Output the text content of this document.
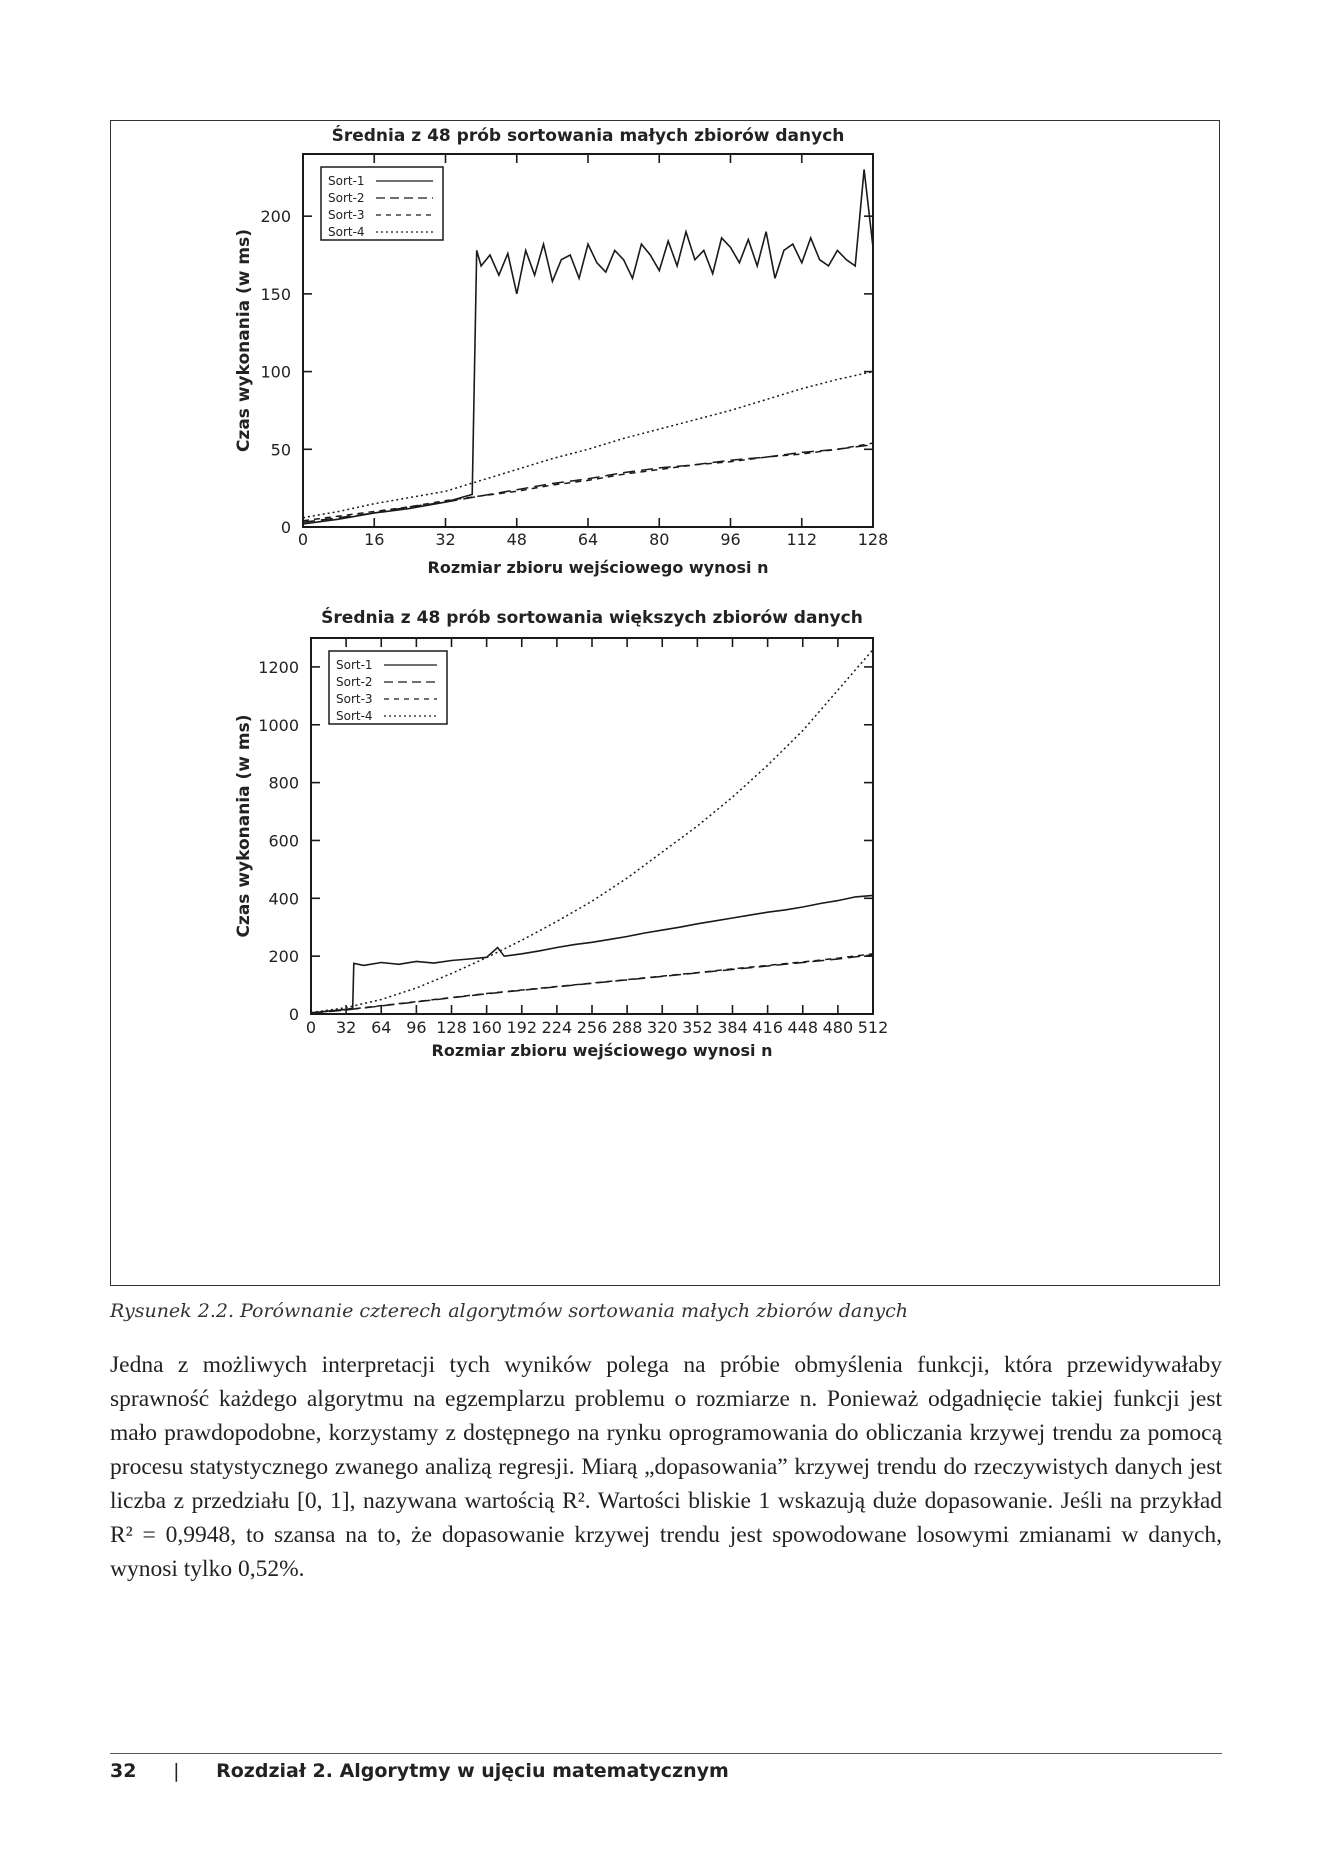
Średnia z 48 prób sortowania małych zbiorów danych
0	16	32	48	64	80	96	112	128
0
50
100
150
200
Rozmiar zbioru wejściowego wynosi n
Czas wykonania (w ms)
Sort-1
Sort-2
Sort-3
Sort-4
Średnia z 48 prób sortowania większych zbiorów danych
0 32 64 96 128 160 192 224 256 288 320 352 384 416 448 480 512
0
200
400
600
800
1000
1200
Rozmiar zbioru wejściowego wynosi n
Czas wykonania (w ms)
Sort-1
Sort-2
Sort-3
Sort-4
Rysunek 2.2. Porównanie czterech algorytmów sortowania małych zbiorów danych

Jedna z możliwych interpretacji tych wyników polega na próbie obmyślenia funkcji, która przewidywałaby sprawność każdego algorytmu na egzemplarzu problemu o rozmiarze n. Ponieważ odgadnięcie takiej funkcji jest mało prawdopodobne, korzystamy z dostępnego na rynku oprogramowania do obliczania krzywej trendu za pomocą procesu statystycznego zwanego analizą regresji. Miarą „dopasowania” krzywej trendu do rzeczywistych danych jest liczba z przedziału [0, 1], nazywana wartością R². Wartości bliskie 1 wskazują duże dopasowanie. Jeśli na przykład R² = 0,9948, to szansa na to, że dopasowanie krzywej trendu jest spowodowane losowymi zmianami w danych, wynosi tylko 0,52%.

32 | Rozdział 2. Algorytmy w ujęciu matematycznym
